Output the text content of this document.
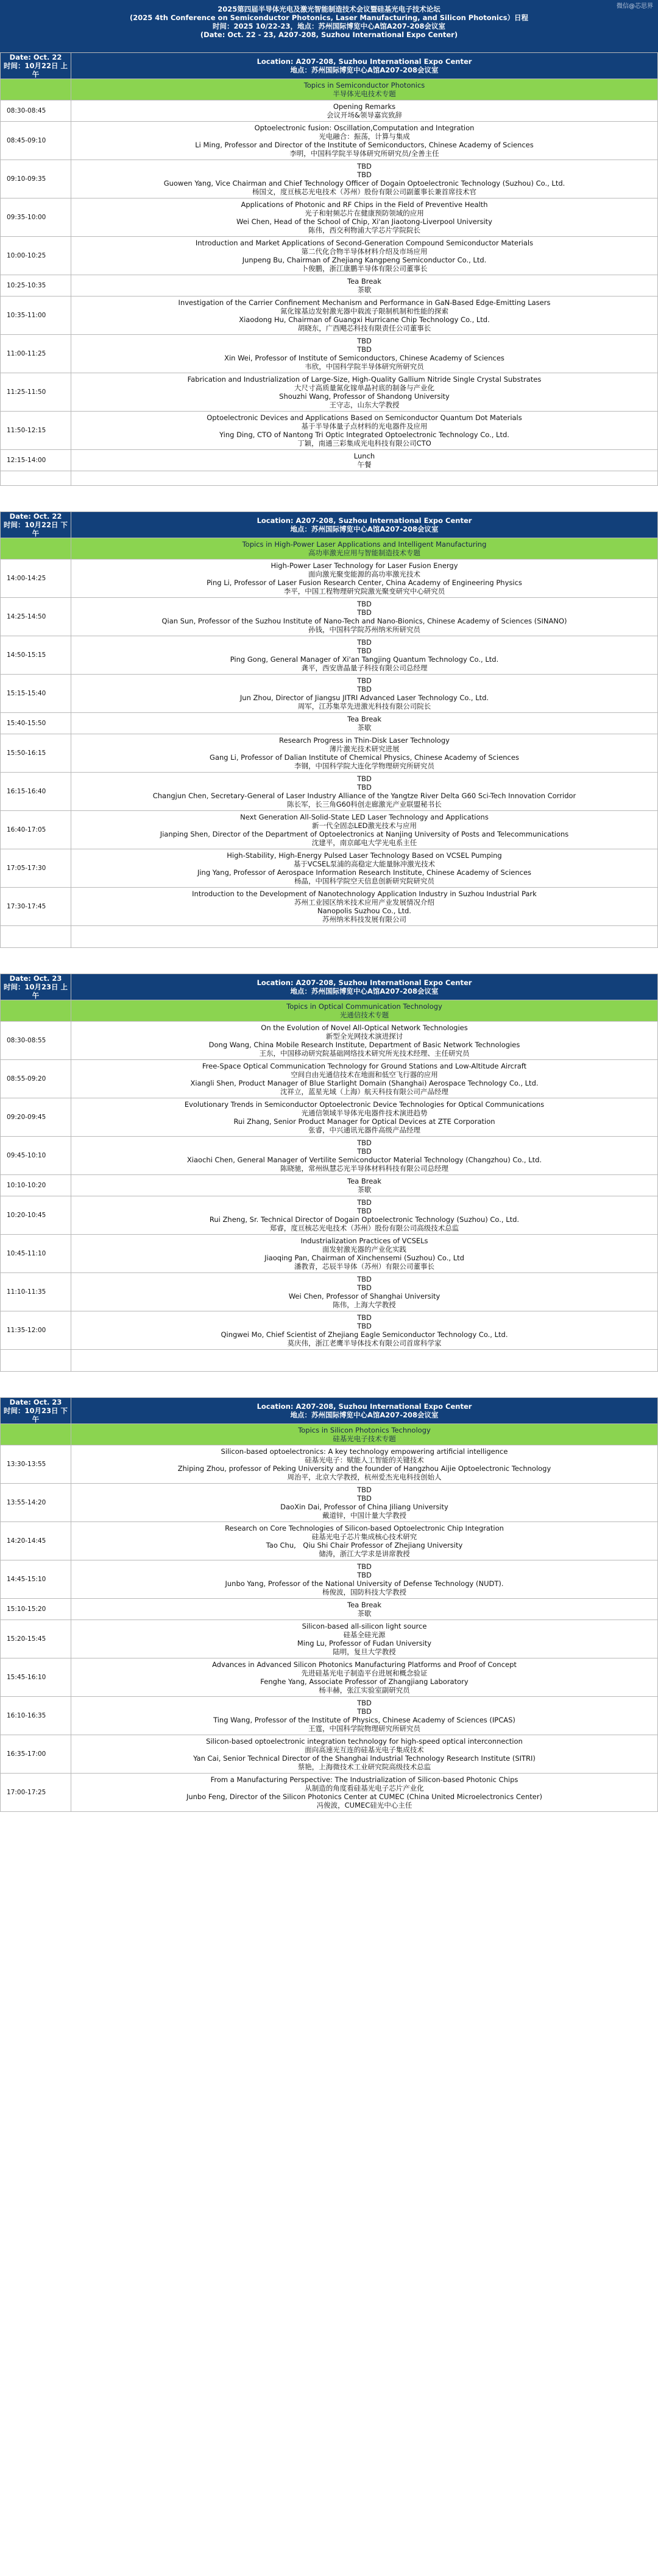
微信@芯思界
2025第四届半导体光电及激光智能制造技术会议暨硅基光电子技术论坛
(2025 4th Conference on Semiconductor Photonics, Laser Manufacturing, and Silicon Photonics）日程
时间：2025 10/22-23，地点：苏州国际博览中心A馆A207-208会议室
(Date: Oct. 22 - 23, A207-208, Suzhou International Expo Center)
Date: Oct. 22
时间：10月22日 上午	Location: A207-208, Suzhou International Expo Center
地点：苏州国际博览中心A馆A207-208会议室

	Topics in Semiconductor Photonics
半导体光电技术专题

08:30-08:45	Opening Remarks
会议开场&领导嘉宾致辞

08:45-09:10	Optoelectronic fusion: Oscillation,Computation and Integration
光电融合：振荡，计算与集成
Li Ming, Professor and Director of the Institute of Semiconductors, Chinese Academy of Sciences
李明，中国科学院半导体研究所研究员/全善主任

09:10-09:35	TBD
TBD
Guowen Yang, Vice Chairman and Chief Technology Officer of Dogain Optoelectronic Technology (Suzhou) Co., Ltd.
杨国文，度亘核芯光电技术（苏州）股份有限公司副董事长兼首席技术官

09:35-10:00	Applications of Photonic and RF Chips in the Field of Preventive Health
光子和射频芯片在健康预防领域的应用
Wei Chen, Head of the School of Chip, Xi'an Jiaotong-Liverpool University
陈伟，西交利物浦大学芯片学院院长

10:00-10:25	Introduction and Market Applications of Second-Generation Compound Semiconductor Materials
第二代化合物半导体材料介绍及市场应用
Junpeng Bu, Chairman of Zhejiang Kangpeng Semiconductor Co., Ltd.
卜俊鹏，浙江康鹏半导体有限公司董事长

10:25-10:35	Tea Break
茶歇

10:35-11:00	Investigation of the Carrier Confinement Mechanism and Performance in GaN-Based Edge-Emitting Lasers
氮化镓基边发射激光器中载流子限制机制和性能的探索
Xiaodong Hu, Chairman of Guangxi Hurricane Chip Technology Co., Ltd.
胡晓东，广西飓芯科技有限责任公司董事长

11:00-11:25	TBD
TBD
Xin Wei, Professor of Institute of Semiconductors, Chinese Academy of Sciences
韦欣，中国科学院半导体研究所研究员

11:25-11:50	Fabrication and Industrialization of Large-Size, High-Quality Gallium Nitride Single Crystal Substrates
大尺寸高质量氮化镓单晶衬底的制备与产业化
Shouzhi Wang, Professor of Shandong University
王守志，山东大学教授

11:50-12:15	Optoelectronic Devices and Applications Based on Semiconductor Quantum Dot Materials
基于半导体量子点材料的光电器件及应用
Ying Ding, CTO of Nantong Tri Optic Integrated Optoelectronic Technology Co., Ltd.
丁颖，南通三彩集成光电科技有限公司CTO

12:15-14:00	Lunch
午餐

Date: Oct. 22
时间：10月22日 下午	Location: A207-208, Suzhou International Expo Center
地点：苏州国际博览中心A馆A207-208会议室

	Topics in High-Power Laser Applications and Intelligent Manufacturing
高功率激光应用与智能制造技术专题

14:00-14:25	High-Power Laser Technology for Laser Fusion Energy
面向激光聚变能源的高功率激光技术
Ping Li, Professor of Laser Fusion Research Center, China Academy of Engineering Physics
李平，中国工程物理研究院激光聚变研究中心研究员

14:25-14:50	TBD
TBD
Qian Sun, Professor of the Suzhou Institute of Nano-Tech and Nano-Bionics, Chinese Academy of Sciences (SINANO)
孙钱，中国科学院苏州纳米所研究员

14:50-15:15	TBD
TBD
Ping Gong, General Manager of Xi'an Tangjing Quantum Technology Co., Ltd.
龚平，西安唐晶量子科技有限公司总经理

15:15-15:40	TBD
TBD
Jun Zhou, Director of Jiangsu JITRI Advanced Laser Technology Co., Ltd.
周军，江苏集萃先进激光科技有限公司院长

15:40-15:50	Tea Break
茶歇

15:50-16:15	Research Progress in Thin-Disk Laser Technology
薄片激光技术研究进展
Gang Li, Professor of Dalian Institute of Chemical Physics, Chinese Academy of Sciences
李钢，中国科学院大连化学物理研究所研究员

16:15-16:40	TBD
TBD
Changjun Chen, Secretary-General of Laser Industry Alliance of the Yangtze River Delta G60 Sci-Tech Innovation Corridor
陈长军，长三角G60科创走廊激光产业联盟秘书长

16:40-17:05	Next Generation All-Solid-State LED Laser Technology and Applications
新一代全固态LED激光技术与应用
Jianping Shen, Director of the Department of Optoelectronics at Nanjing University of Posts and Telecommunications
沈建平，南京邮电大学光电系主任

17:05-17:30	High-Stability, High-Energy Pulsed Laser Technology Based on VCSEL Pumping
基于VCSEL泵浦的高稳定大能量脉冲激光技术
Jing Yang, Professor of Aerospace Information Research Institute, Chinese Academy of Sciences
杨晶，中国科学院空天信息创新研究院研究员

17:30-17:45	Introduction to the Development of Nanotechnology Application Industry in Suzhou Industrial Park
苏州工业园区纳米技术应用产业发展情况介绍
Nanopolis Suzhou Co., Ltd.
苏州纳米科技发展有限公司

Date: Oct. 23
时间：10月23日 上午	Location: A207-208, Suzhou International Expo Center
地点：苏州国际博览中心A馆A207-208会议室

	Topics in Optical Communication Technology
光通信技术专题

08:30-08:55	On the Evolution of Novel All-Optical Network Technologies
新型全光网技术演进探讨
Dong Wang, China Mobile Research Institute, Department of Basic Network Technologies
王东，中国移动研究院基础网络技术研究所光技术经理、主任研究员

08:55-09:20	Free-Space Optical Communication Technology for Ground Stations and Low-Altitude Aircraft
空间自由光通信技术在地面和低空飞行器的应用
Xiangli Shen, Product Manager of Blue Starlight Domain (Shanghai) Aerospace Technology Co., Ltd.
沈祥立，蓝星光域（上海）航天科技有限公司产品经理

09:20-09:45	Evolutionary Trends in Semiconductor Optoelectronic Device Technologies for Optical Communications
光通信领域半导体光电器件技术演进趋势
Rui Zhang, Senior Product Manager for Optical Devices at ZTE Corporation
张睿，中兴通讯光器件高级产品经理

09:45-10:10	TBD
TBD
Xiaochi Chen, General Manager of Vertilite Semiconductor Material Technology (Changzhou) Co., Ltd.
陈晓驰，常州纵慧芯光半导体材料科技有限公司总经理

10:10-10:20	Tea Break
茶歇

10:20-10:45	TBD
TBD
Rui Zheng, Sr. Technical Director of Dogain Optoelectronic Technology (Suzhou) Co., Ltd.
郑睿，度亘核芯光电技术（苏州）股份有限公司高级技术总监

10:45-11:10	Industrialization Practices of VCSELs
面发射激光器的产业化实践
Jiaoqing Pan, Chairman of Xinchensemi (Suzhou) Co., Ltd
潘教青，芯辰半导体（苏州）有限公司董事长

11:10-11:35	TBD
TBD
Wei Chen, Professor of Shanghai University
陈伟，上海大学教授

11:35-12:00	TBD
TBD
Qingwei Mo, Chief Scientist of Zhejiang Eagle Semiconductor Technology Co., Ltd.
莫庆伟，浙江老鹰半导体技术有限公司首席科学家

Date: Oct. 23
时间：10月23日 下午	Location: A207-208, Suzhou International Expo Center
地点：苏州国际博览中心A馆A207-208会议室

	Topics in Silicon Photonics Technology
硅基光电子技术专题

13:30-13:55	Silicon-based optoelectronics: A key technology empowering artificial intelligence
硅基光电子：赋能人工智能的关键技术
Zhiping Zhou, professor of Peking University and the founder of Hangzhou Aijie Optoelectronic Technology
周治平，北京大学教授，杭州爱杰光电科技创始人

13:55-14:20	TBD
TBD
DaoXin Dai, Professor of China Jiliang University
戴道锌，中国计量大学教授

14:20-14:45	Research on Core Technologies of Silicon-based Optoelectronic Chip Integration
硅基光电子芯片集成核心技术研究
Tao Chu,　Qiu Shi Chair Professor of Zhejiang University
储涛，浙江大学求是讲席教授

14:45-15:10	TBD
TBD
Junbo Yang, Professor of the National University of Defense Technology (NUDT).
杨俊波，国防科技大学教授

15:10-15:20	Tea Break
茶歇

15:20-15:45	Silicon-based all-silicon light source
硅基全硅光源
Ming Lu, Professor of Fudan University
陆明，复旦大学教授

15:45-16:10	Advances in Advanced Silicon Photonics Manufacturing Platforms and Proof of Concept
先进硅基光电子制造平台进展和概念验证
Fenghe Yang, Associate Professor of Zhangjiang Laboratory
杨丰赫，张江实验室副研究员

16:10-16:35	TBD
TBD
Ting Wang, Professor of the Institute of Physics, Chinese Academy of Sciences (IPCAS)
王霆，中国科学院物理研究所研究员

16:35-17:00	Silicon-based optoelectronic integration technology for high-speed optical interconnection
面向高速光互连的硅基光电子集成技术
Yan Cai, Senior Technical Director of the Shanghai Industrial Technology Research Institute (SITRI)
蔡艳，上海微技术工业研究院高级技术总监

17:00-17:25	From a Manufacturing Perspective: The Industrialization of Silicon-based Photonic Chips
从制造的角度看硅基光电子芯片产业化
Junbo Feng, Director of the Silicon Photonics Center at CUMEC (China United Microelectronics Center)
冯俊波，CUMEC硅光中心主任
